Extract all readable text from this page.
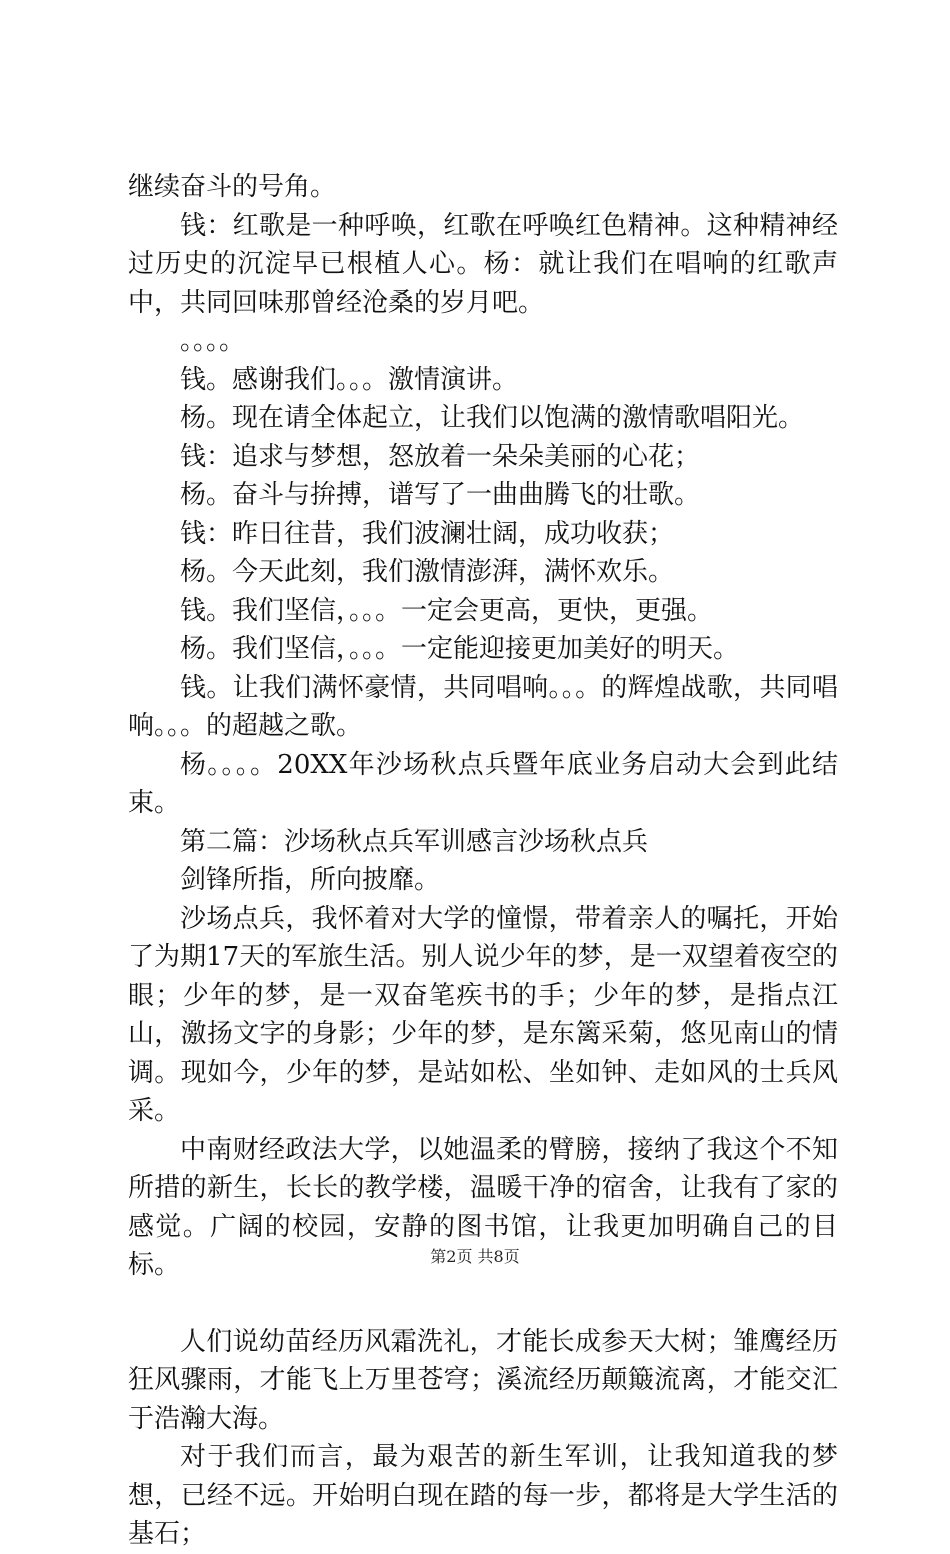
继续奋斗的号角。

钱：红歌是一种呼唤，红歌在呼唤红色精神。这种精神经过历史的沉淀早已根植人心。杨：就让我们在唱响的红歌声中，共同回味那曾经沧桑的岁月吧。

。。。。

钱。感谢我们。。。激情演讲。

杨。现在请全体起立，让我们以饱满的激情歌唱阳光。

钱：追求与梦想，怒放着一朵朵美丽的心花；

杨。奋斗与拚搏，谱写了一曲曲腾飞的壮歌。

钱：昨日往昔，我们波澜壮阔，成功收获；

杨。今天此刻，我们激情澎湃，满怀欢乐。

钱。我们坚信，。。。一定会更高，更快，更强。

杨。我们坚信，。。。一定能迎接更加美好的明天。

钱。让我们满怀豪情，共同唱响。。。的辉煌战歌，共同唱响。。。的超越之歌。

杨。。。。20XX年沙场秋点兵暨年底业务启动大会到此结束。

第二篇：沙场秋点兵军训感言沙场秋点兵

剑锋所指，所向披靡。

沙场点兵，我怀着对大学的憧憬，带着亲人的嘱托，开始了为期17天的军旅生活。别人说少年的梦，是一双望着夜空的眼；少年的梦，是一双奋笔疾书的手；少年的梦，是指点江山，激扬文字的身影；少年的梦，是东篱采菊，悠见南山的情调。现如今，少年的梦，是站如松、坐如钟、走如风的士兵风采。

中南财经政法大学，以她温柔的臂膀，接纳了我这个不知所措的新生，长长的教学楼，温暖干净的宿舍，让我有了家的感觉。广阔的校园，安静的图书馆，让我更加明确自己的目标。

人们说幼苗经历风霜洗礼，才能长成参天大树；雏鹰经历狂风骤雨，才能飞上万里苍穹；溪流经历颠簸流离，才能交汇于浩瀚大海。

对于我们而言，最为艰苦的新生军训，让我知道我的梦想，已经不远。开始明白现在踏的每一步，都将是大学生活的基石；

第2页 共8页
